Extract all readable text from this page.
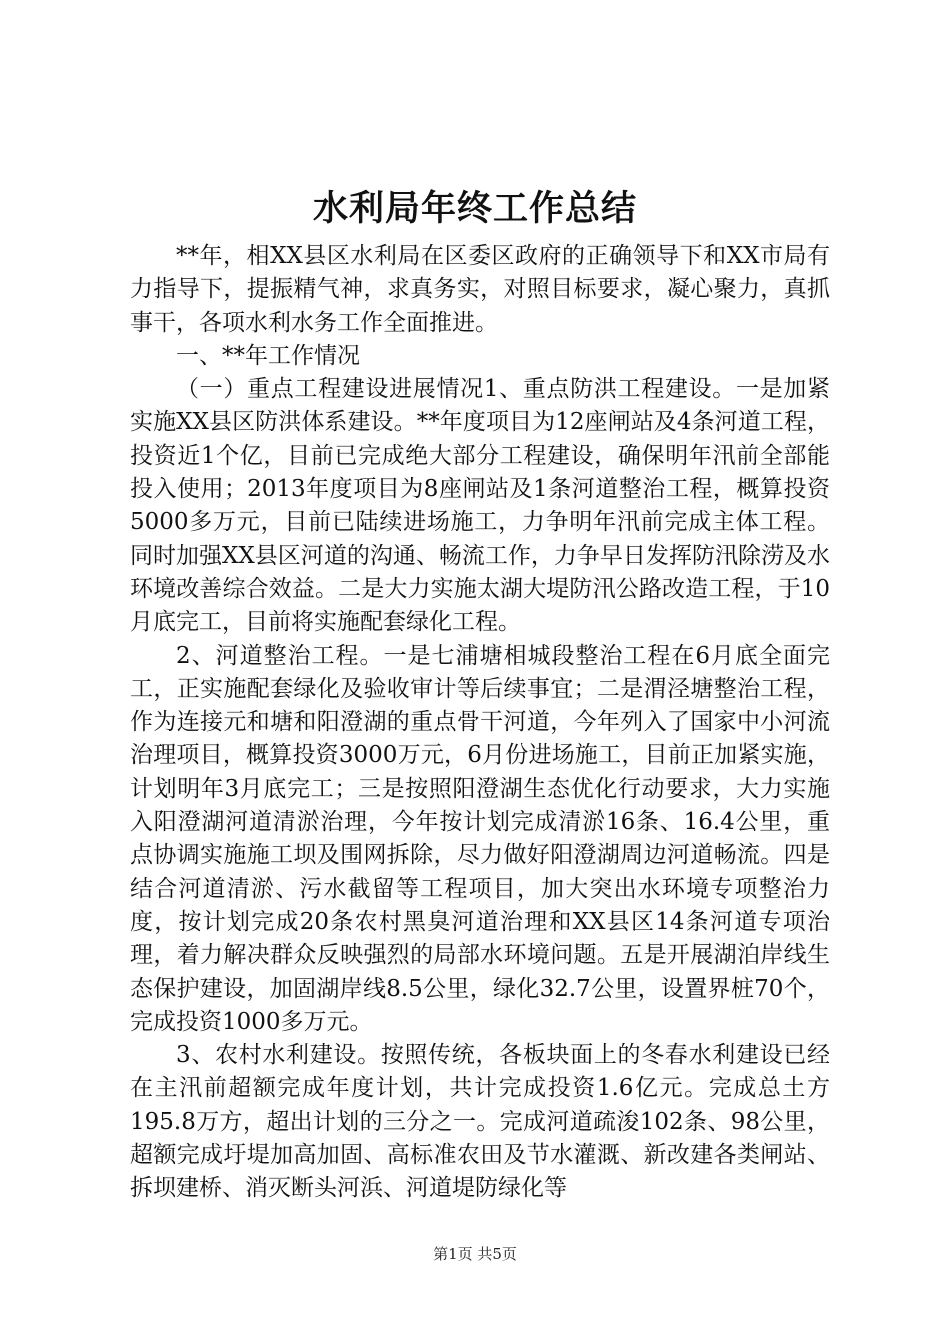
水利局年终工作总结

**年，相XX县区水利局在区委区政府的正确领导下和XX市局有力指导下，提振精气神，求真务实，对照目标要求，凝心聚力，真抓事干，各项水利水务工作全面推进。

一、**年工作情况

（一）重点工程建设进展情况1、重点防洪工程建设。一是加紧实施XX县区防洪体系建设。**年度项目为12座闸站及4条河道工程，投资近1个亿，目前已完成绝大部分工程建设，确保明年汛前全部能投入使用；2013年度项目为8座闸站及1条河道整治工程，概算投资5000多万元，目前已陆续进场施工，力争明年汛前完成主体工程。同时加强XX县区河道的沟通、畅流工作，力争早日发挥防汛除涝及水环境改善综合效益。二是大力实施太湖大堤防汛公路改造工程，于10月底完工，目前将实施配套绿化工程。

2、河道整治工程。一是七浦塘相城段整治工程在6月底全面完工，正实施配套绿化及验收审计等后续事宜；二是渭泾塘整治工程，作为连接元和塘和阳澄湖的重点骨干河道，今年列入了国家中小河流治理项目，概算投资3000万元，6月份进场施工，目前正加紧实施，计划明年3月底完工；三是按照阳澄湖生态优化行动要求，大力实施入阳澄湖河道清淤治理，今年按计划完成清淤16条、16.4公里，重点协调实施施工坝及围网拆除，尽力做好阳澄湖周边河道畅流。四是结合河道清淤、污水截留等工程项目，加大突出水环境专项整治力度，按计划完成20条农村黑臭河道治理和XX县区14条河道专项治理，着力解决群众反映强烈的局部水环境问题。五是开展湖泊岸线生态保护建设，加固湖岸线8.5公里，绿化32.7公里，设置界桩70个，完成投资1000多万元。

3、农村水利建设。按照传统，各板块面上的冬春水利建设已经在主汛前超额完成年度计划，共计完成投资1.6亿元。完成总土方195.8万方，超出计划的三分之一。完成河道疏浚102条、98公里，超额完成圩堤加高加固、高标准农田及节水灌溉、新改建各类闸站、拆坝建桥、消灭断头河浜、河道堤防绿化等

第1页 共5页
